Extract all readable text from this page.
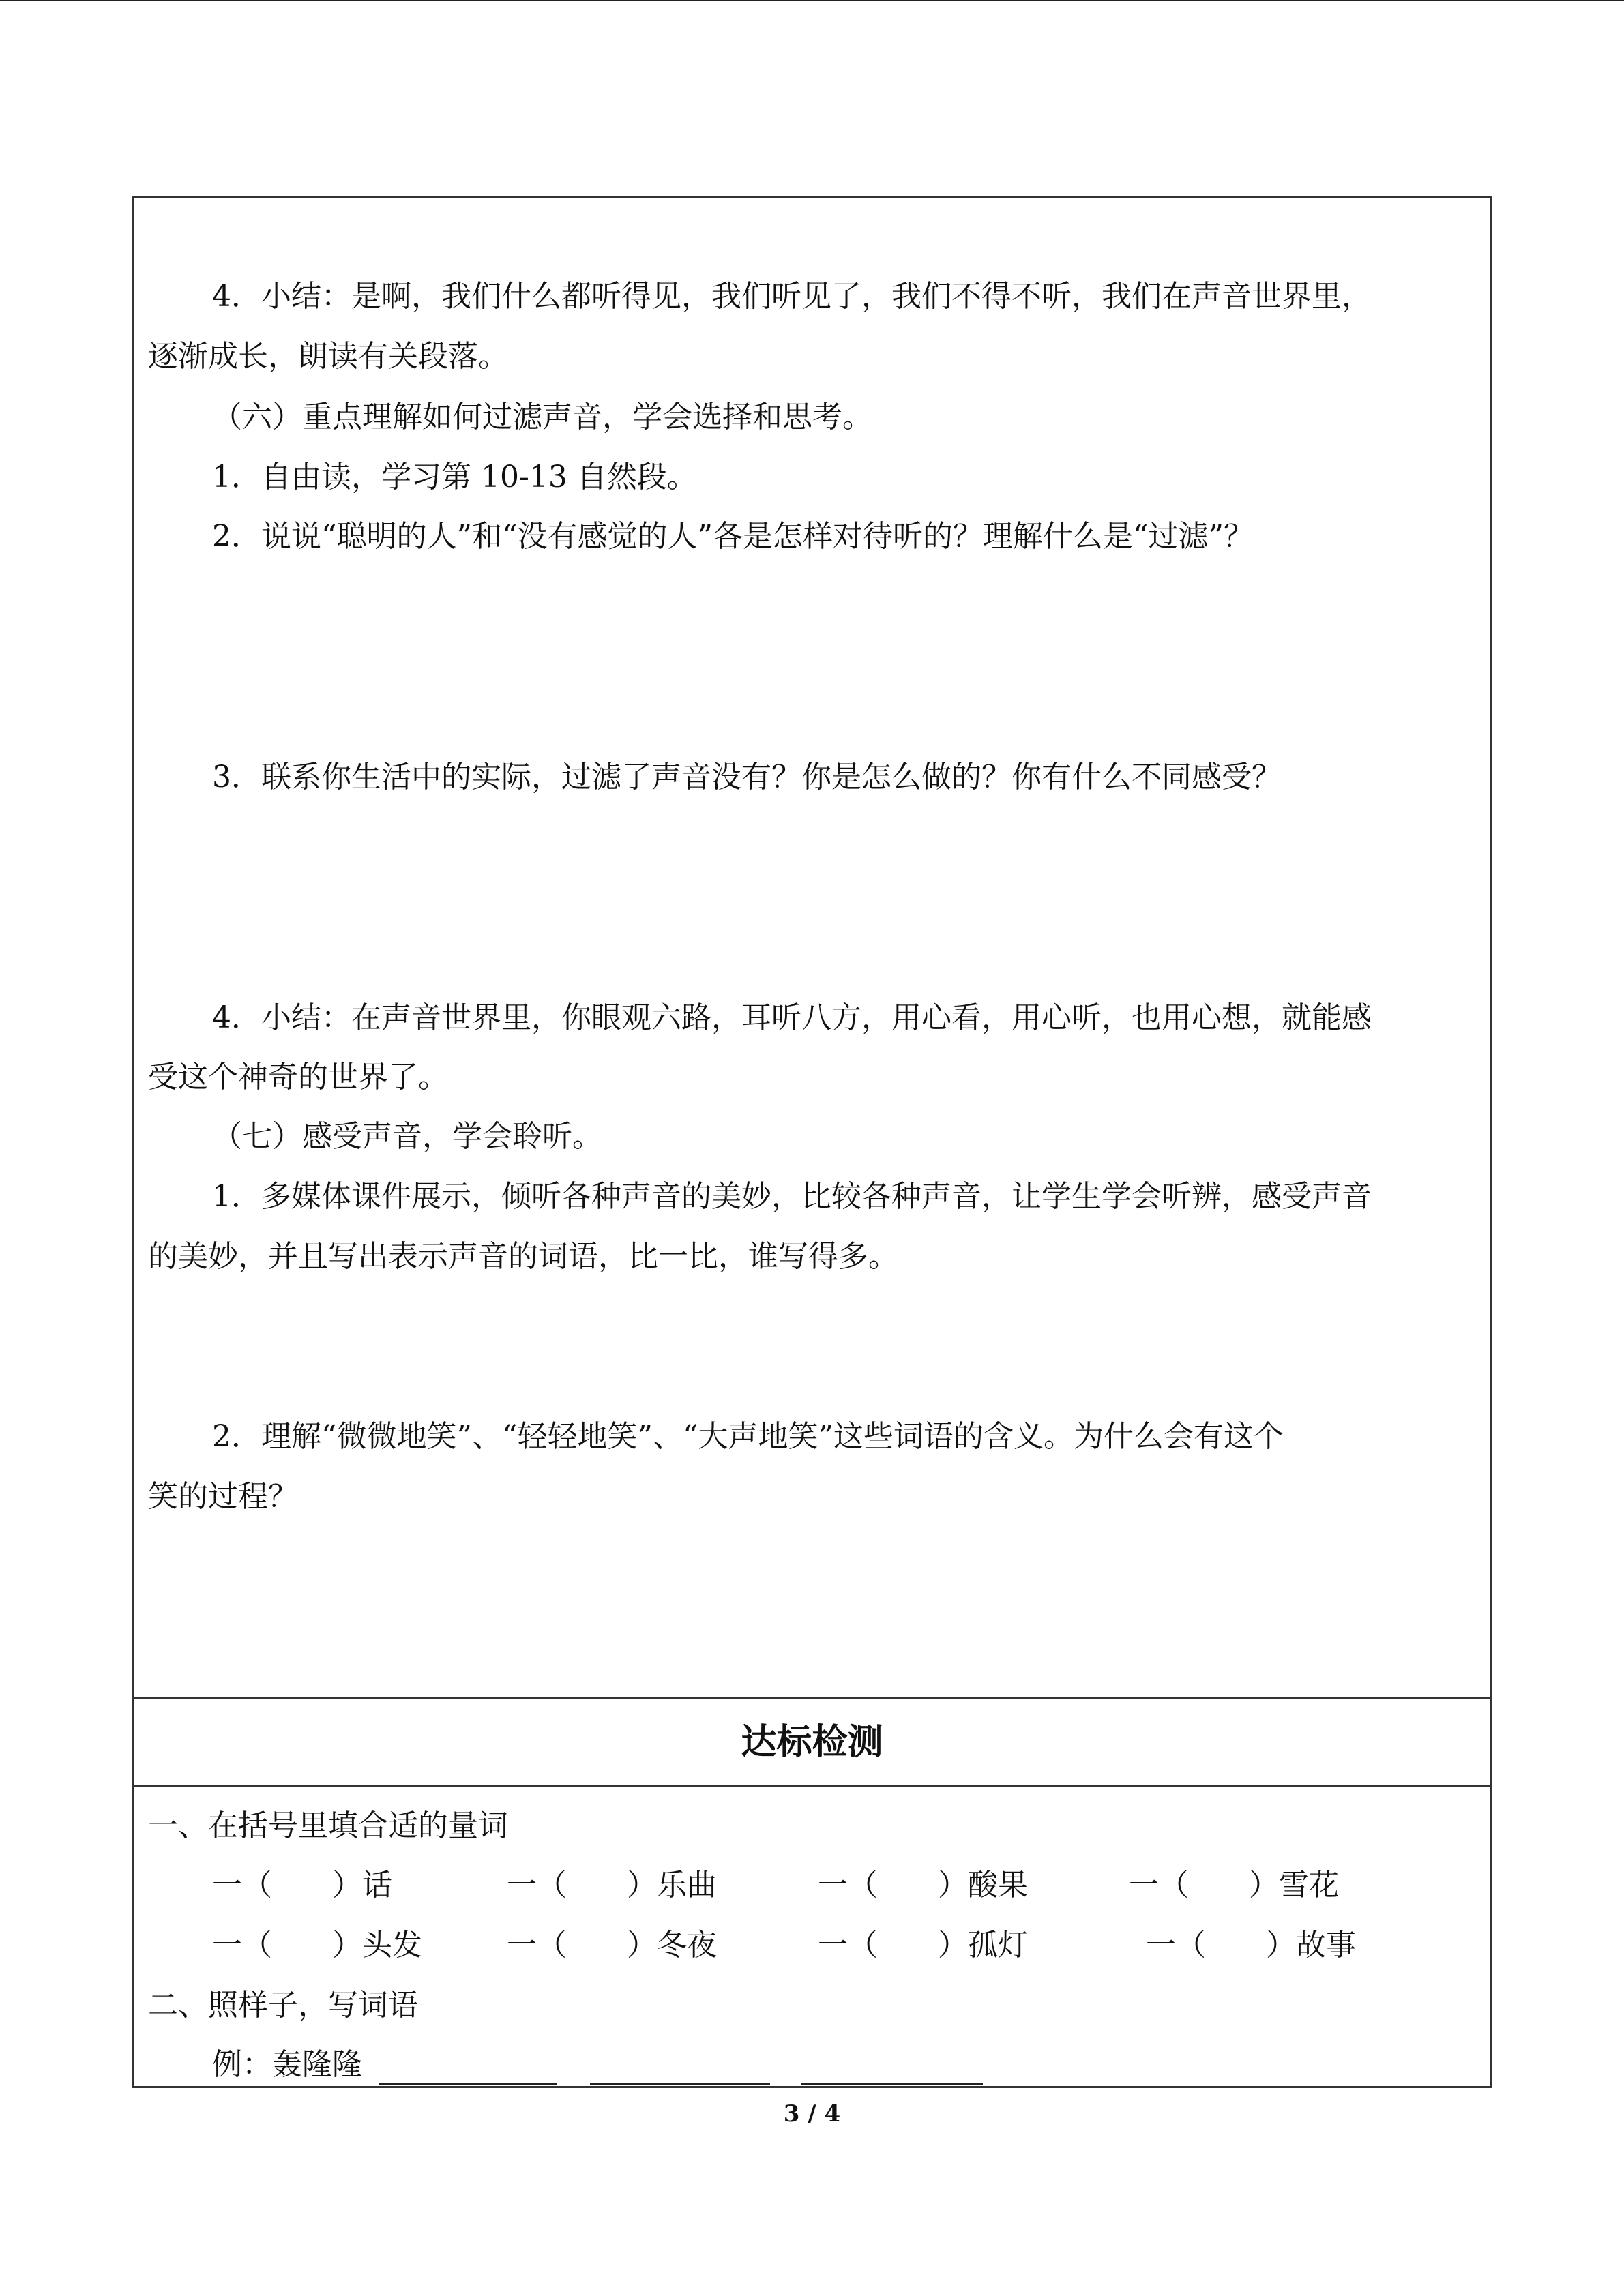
4．小结：是啊，我们什么都听得见，我们听见了，我们不得不听，我们在声音世界里，
逐渐成长，朗读有关段落。
（六）重点理解如何过滤声音，学会选择和思考。
1．自由读，学习第 10-13 自然段。
2．说说“聪明的人”和“没有感觉的人”各是怎样对待听的？理解什么是“过滤”？
3．联系你生活中的实际，过滤了声音没有？你是怎么做的？你有什么不同感受？
4．小结：在声音世界里，你眼观六路，耳听八方，用心看，用心听，也用心想，就能感
受这个神奇的世界了。
（七）感受声音，学会聆听。
1．多媒体课件展示，倾听各种声音的美妙，比较各种声音，让学生学会听辨，感受声音
的美妙，并且写出表示声音的词语，比一比，谁写得多。
2．理解“微微地笑”、“轻轻地笑”、“大声地笑”这些词语的含义。为什么会有这个
笑的过程？
达标检测
一、在括号里填合适的量词
一（　　）话	一（　　）乐曲	一（　　）酸果	一（　　）雪花
一（　　）头发	一（　　）冬夜	一（　　）孤灯	一（　　）故事
二、照样子，写词语
例：轰隆隆
3 / 4
